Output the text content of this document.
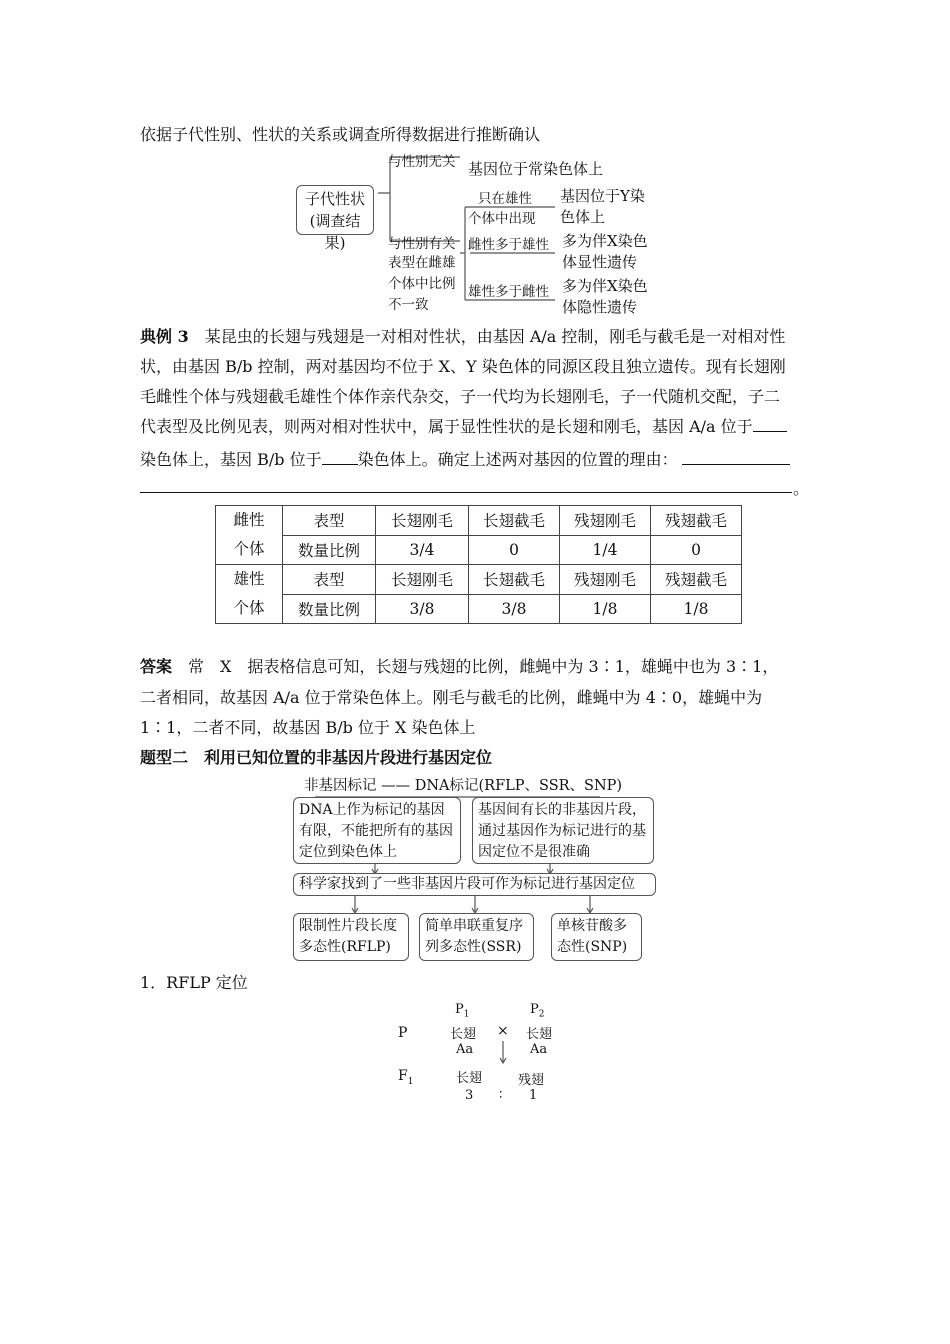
依据子代性别、性状的关系或调查所得数据进行推断确认
子代性状
(调查结果)
与性别无关 基因位于常染色体上
与性别有关
表型在雌雄
个体中比例
不一致
只在雄性
个体中出现
基因位于Y染
色体上
雌性多于雄性 多为伴X染色
体显性遗传
雄性多于雌性 多为伴X染色
体隐性遗传
典例 3　 某昆虫的长翅与残翅是一对相对性状，由基因 A/a 控制，刚毛与截毛是一对相对性
状，由基因 B/b 控制，两对基因均不位于 X、Y 染色体的同源区段且独立遗传。现有长翅刚
毛雌性个体与残翅截毛雄性个体作亲代杂交，子一代均为长翅刚毛，子一代随机交配，子二
代表型及比例见表，则两对相对性状中，属于显性性状的是长翅和刚毛，基因 A/a 位于
染色体上，基因 B/b 位于 染色体上。确定上述两对基因的位置的理由：
。
雌性
个体	表型	长翅刚毛	长翅截毛	残翅刚毛	残翅截毛
	数量比例	3/4	0	1/4	0

雄性
个体	表型	长翅刚毛	长翅截毛	残翅刚毛	残翅截毛
	数量比例	3/8	3/8	1/8	1/8
答案　 常　X　据表格信息可知，长翅与残翅的比例，雌蝇中为 3∶1，雄蝇中也为 3∶1，
二者相同，故基因 A/a 位于常染色体上。刚毛与截毛的比例，雌蝇中为 4∶0，雄蝇中为
1∶1，二者不同，故基因 B/b 位于 X 染色体上
题型二　利用已知位置的非基因片段进行基因定位
非基因标记 —— DNA标记(RFLP、SSR、SNP)
DNA上作为标记的基因有限，不能把所有的基因定位到染色体上
基因间有长的非基因片段，通过基因作为标记进行的基因定位不是很准确
科学家找到了一些非基因片段可作为标记进行基因定位
限制性片段长度多态性(RFLP)
简单串联重复序列多态性(SSR)
单核苷酸多态性(SNP)
1．RFLP 定位
$P_1$	$P_2$
P	长翅 × 长翅
Aa	Aa
$F_1$	长翅	残翅
3 ∶ 1
